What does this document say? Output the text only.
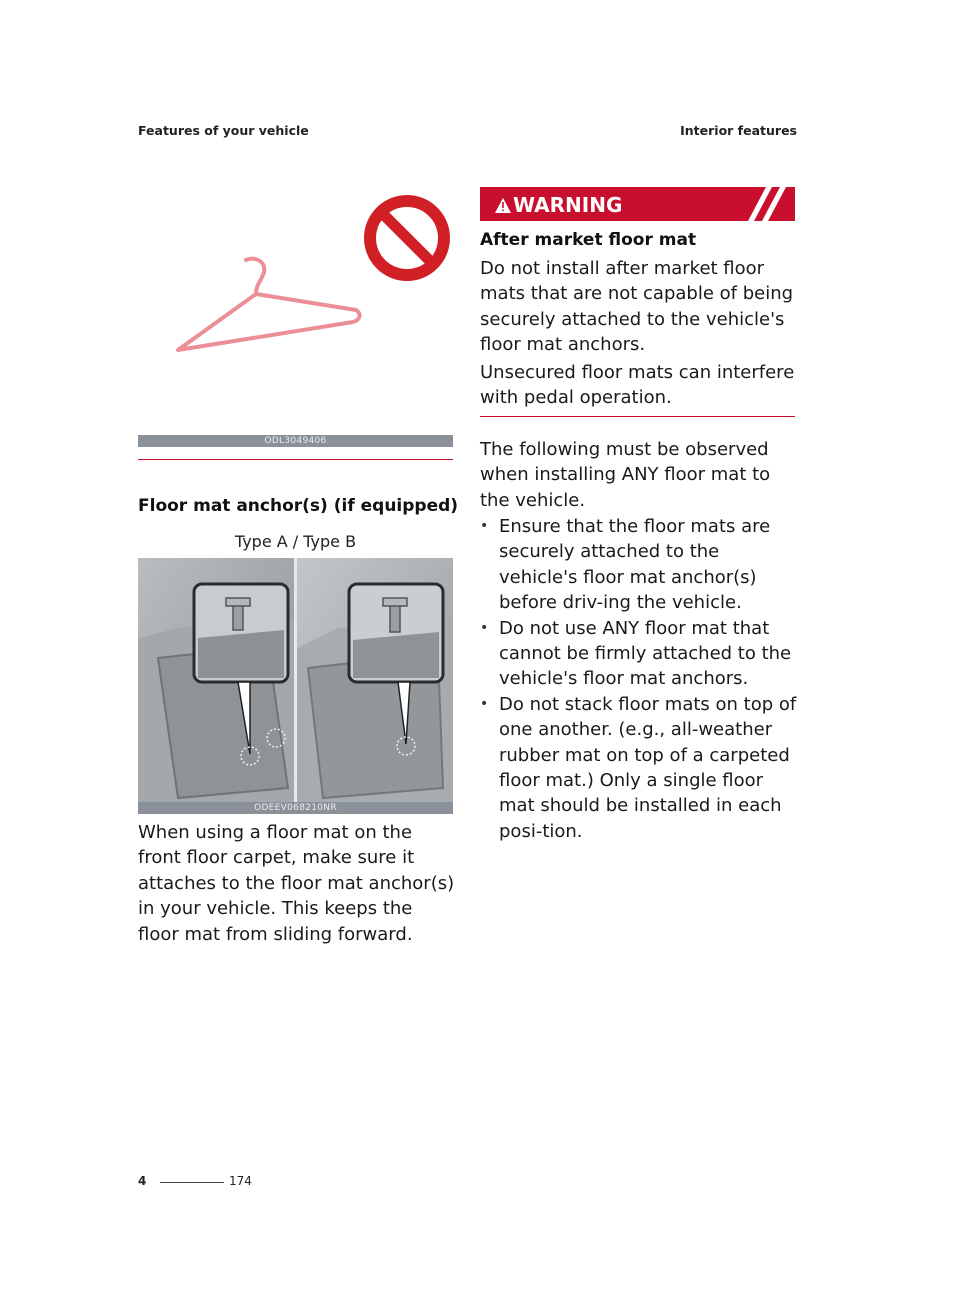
Features of your vehicle	Interior features
ODL3049406
Floor mat anchor(s) (if equipped)
Type A / Type B
ODEEV068210NR
When using a floor mat on the front floor carpet, make sure it attaches to the floor mat anchor(s) in your vehicle. This keeps the floor mat from sliding forward.
WARNING
After market floor mat
Do not install after market floor mats that are not capable of being securely attached to the vehicle's floor mat anchors.
Unsecured floor mats can interfere with pedal operation.
The following must be observed when installing ANY floor mat to the vehicle.
• Ensure that the floor mats are securely attached to the vehicle's floor mat anchor(s) before driv-ing the vehicle.
• Do not use ANY floor mat that cannot be firmly attached to the vehicle's floor mat anchors.
• Do not stack floor mats on top of one another. (e.g., all-weather rubber mat on top of a carpeted floor mat.) Only a single floor mat should be installed in each posi-tion.
4	174
